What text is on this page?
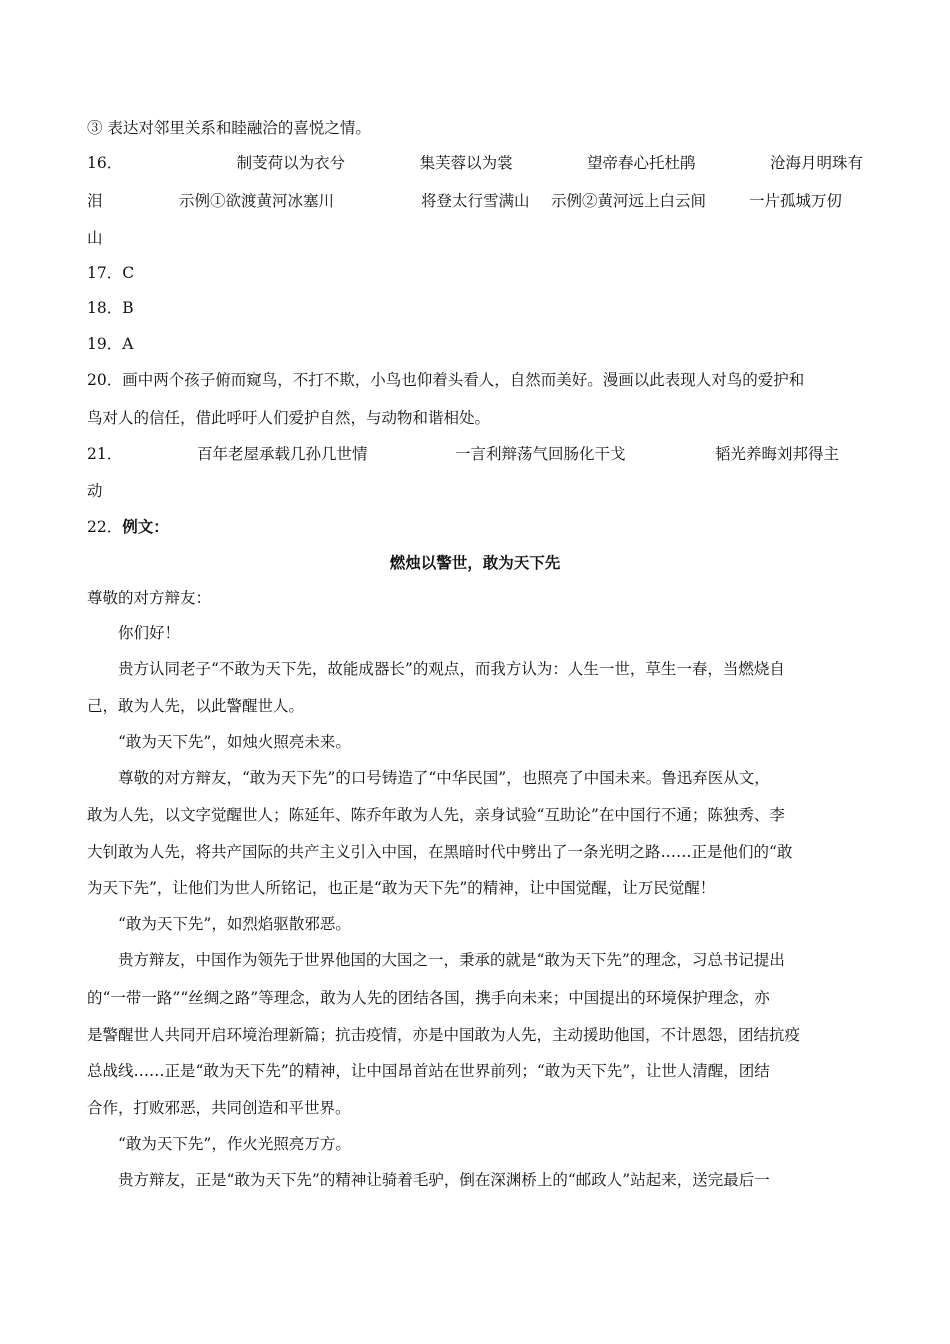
③ 表达对邻里关系和睦融洽的喜悦之情。
16．	制芰荷以为衣兮	集芙蓉以为裳	望帝春心托杜鹃	沧海月明珠有
泪	示例①欲渡黄河冰塞川	将登太行雪满山 示例②黄河远上白云间	一片孤城万仞
山
17．C
18．B
19．A
20．画中两个孩子俯而窥鸟，不打不欺，小鸟也仰着头看人，自然而美好。漫画以此表现人对鸟的爱护和
鸟对人的信任，借此呼吁人们爱护自然，与动物和谐相处。
21．	百年老屋承载几孙几世情	一言利辩荡气回肠化干戈	韬光养晦刘邦得主
动
22．例文：
燃烛以警世，敢为天下先
尊敬的对方辩友：
你们好！
贵方认同老子“不敢为天下先，故能成器长”的观点，而我方认为：人生一世，草生一春，当燃烧自
己，敢为人先，以此警醒世人。
“敢为天下先”，如烛火照亮未来。
尊敬的对方辩友，“敢为天下先”的口号铸造了“中华民国”，也照亮了中国未来。鲁迅弃医从文，
敢为人先，以文字觉醒世人；陈延年、陈乔年敢为人先，亲身试验“互助论”在中国行不通；陈独秀、李
大钊敢为人先，将共产国际的共产主义引入中国，在黑暗时代中劈出了一条光明之路……正是他们的“敢
为天下先”，让他们为世人所铭记，也正是“敢为天下先”的精神，让中国觉醒，让万民觉醒！
“敢为天下先”，如烈焰驱散邪恶。
贵方辩友，中国作为领先于世界他国的大国之一，秉承的就是“敢为天下先”的理念，习总书记提出
的“一带一路”“丝绸之路”等理念，敢为人先的团结各国，携手向未来；中国提出的环境保护理念，亦
是警醒世人共同开启环境治理新篇；抗击疫情，亦是中国敢为人先，主动援助他国，不计恩怨，团结抗疫
总战线……正是“敢为天下先”的精神，让中国昂首站在世界前列；“敢为天下先”，让世人清醒，团结
合作，打败邪恶，共同创造和平世界。
“敢为天下先”，作火光照亮万方。
贵方辩友，正是“敢为天下先”的精神让骑着毛驴，倒在深渊桥上的“邮政人”站起来，送完最后一
